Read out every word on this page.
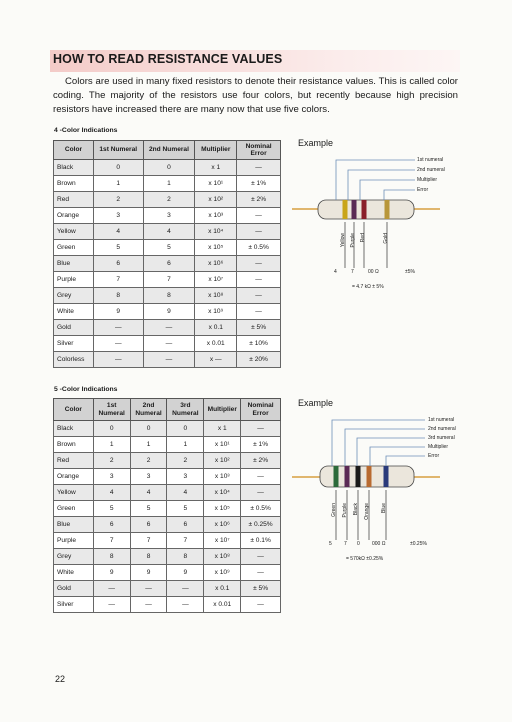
HOW TO READ RESISTANCE VALUES
Colors are used in many fixed resistors to denote their resistance values. This is called color coding. The majority of the resistors use four colors, but recently because high precision resistors have increased there are many now that use five colors.
4 -Color Indications
Color	1st Numeral	2nd Numeral	Multiplier	Nominal Error
Black	0	0	x 1	—
Brown	1	1	x 10¹	± 1%
Red	2	2	x 10²	± 2%
Orange	3	3	x 10³	—
Yellow	4	4	x 10⁴	—
Green	5	5	x 10⁵	± 0.5%
Blue	6	6	x 10⁶	—
Purple	7	7	x 10⁷	—
Grey	8	8	x 10⁸	—
White	9	9	x 10⁹	—
Gold	—	—	x 0.1	± 5%
Silver	—	—	x 0.01	± 10%
Colorless	—	—	x —	± 20%
Example
1st numeral
2nd numeral
Multiplier
Error
Yellow Purple Red	Gold
4	7	00 Ω	±5%
= 4.7 kΩ ± 5%
5 -Color Indications
Color	1st Numeral	2nd Numeral	3rd Numeral	Multiplier	Nominal Error
Black	0	0	0	x 1	—
Brown	1	1	1	x 10¹	± 1%
Red	2	2	2	x 10²	± 2%
Orange	3	3	3	x 10³	—
Yellow	4	4	4	x 10⁴	—
Green	5	5	5	x 10⁵	± 0.5%
Blue	6	6	6	x 10⁶	± 0.25%
Purple	7	7	7	x 10⁷	± 0.1%
Grey	8	8	8	x 10⁸	—
White	9	9	9	x 10⁹	—
Gold	—	—	—	x 0.1	± 5%
Silver	—	—	—	x 0.01	—
Example
1st numeral
2nd numeral
3rd numeral
Multiplier
Error
Green	Purple	Black	Orange	Blue
5 7 0 000 Ω	±0.25%
= 570kΩ ±0.25%
22
